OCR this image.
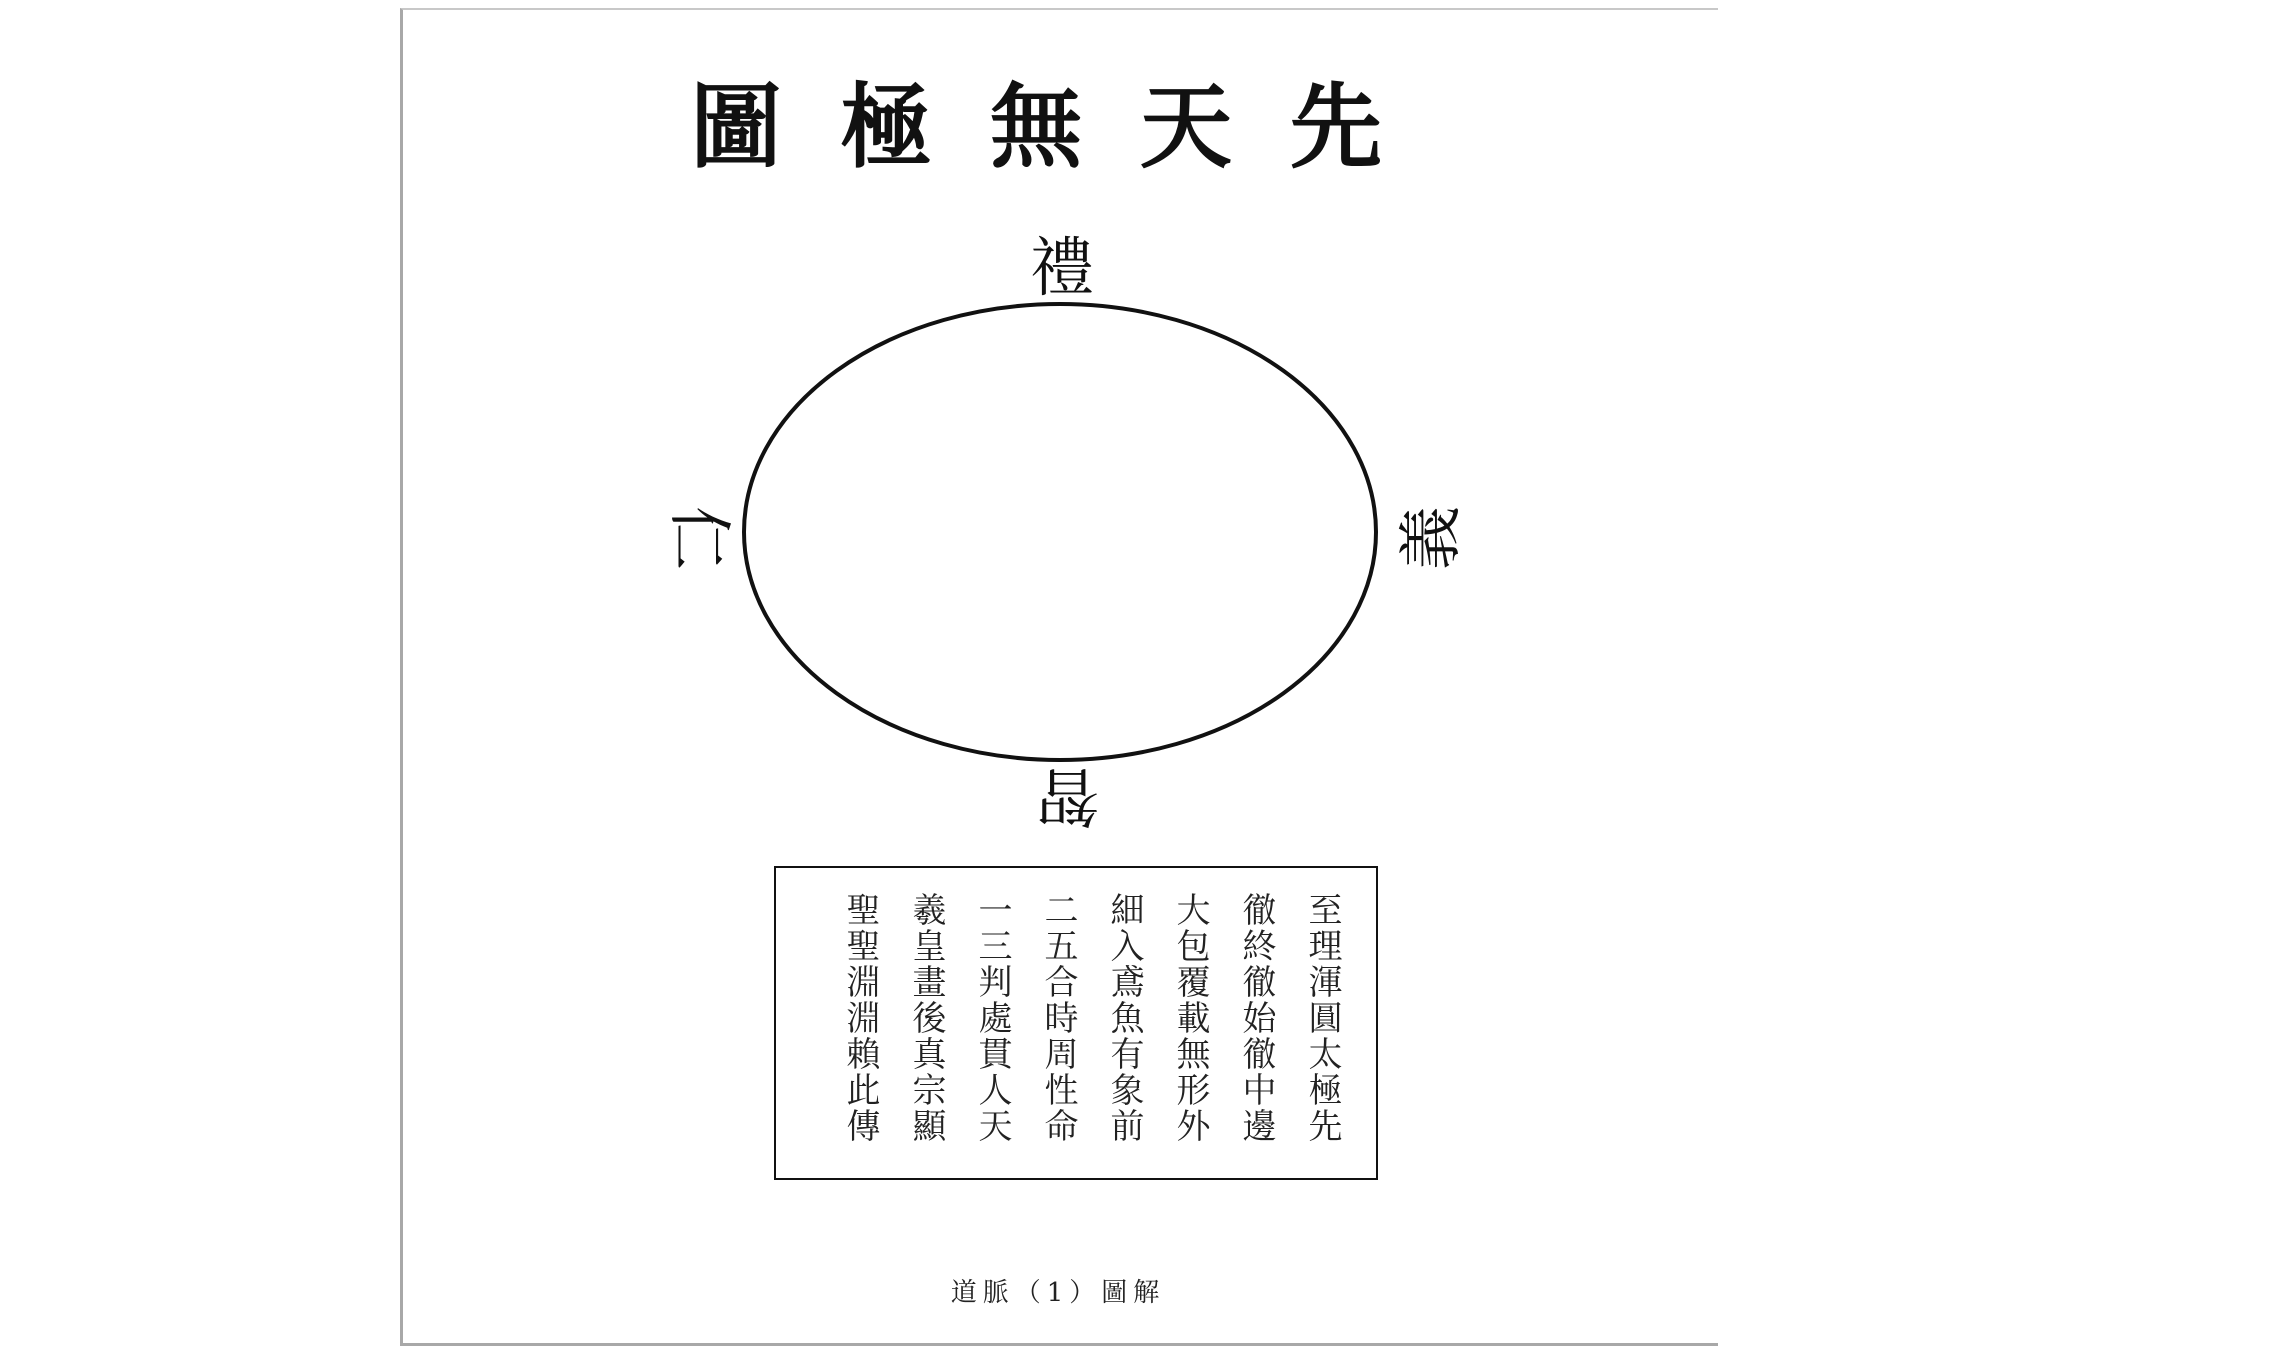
先天無極圖
禮
仁	義
智
至理渾圓太極先
徹終徹始徹中邊
大包覆載無形外
細入鳶魚有象前
二五合時周性命
一三判處貫人天
羲皇畫後真宗顯
聖聖淵淵賴此傳
道脈（1）圖解
